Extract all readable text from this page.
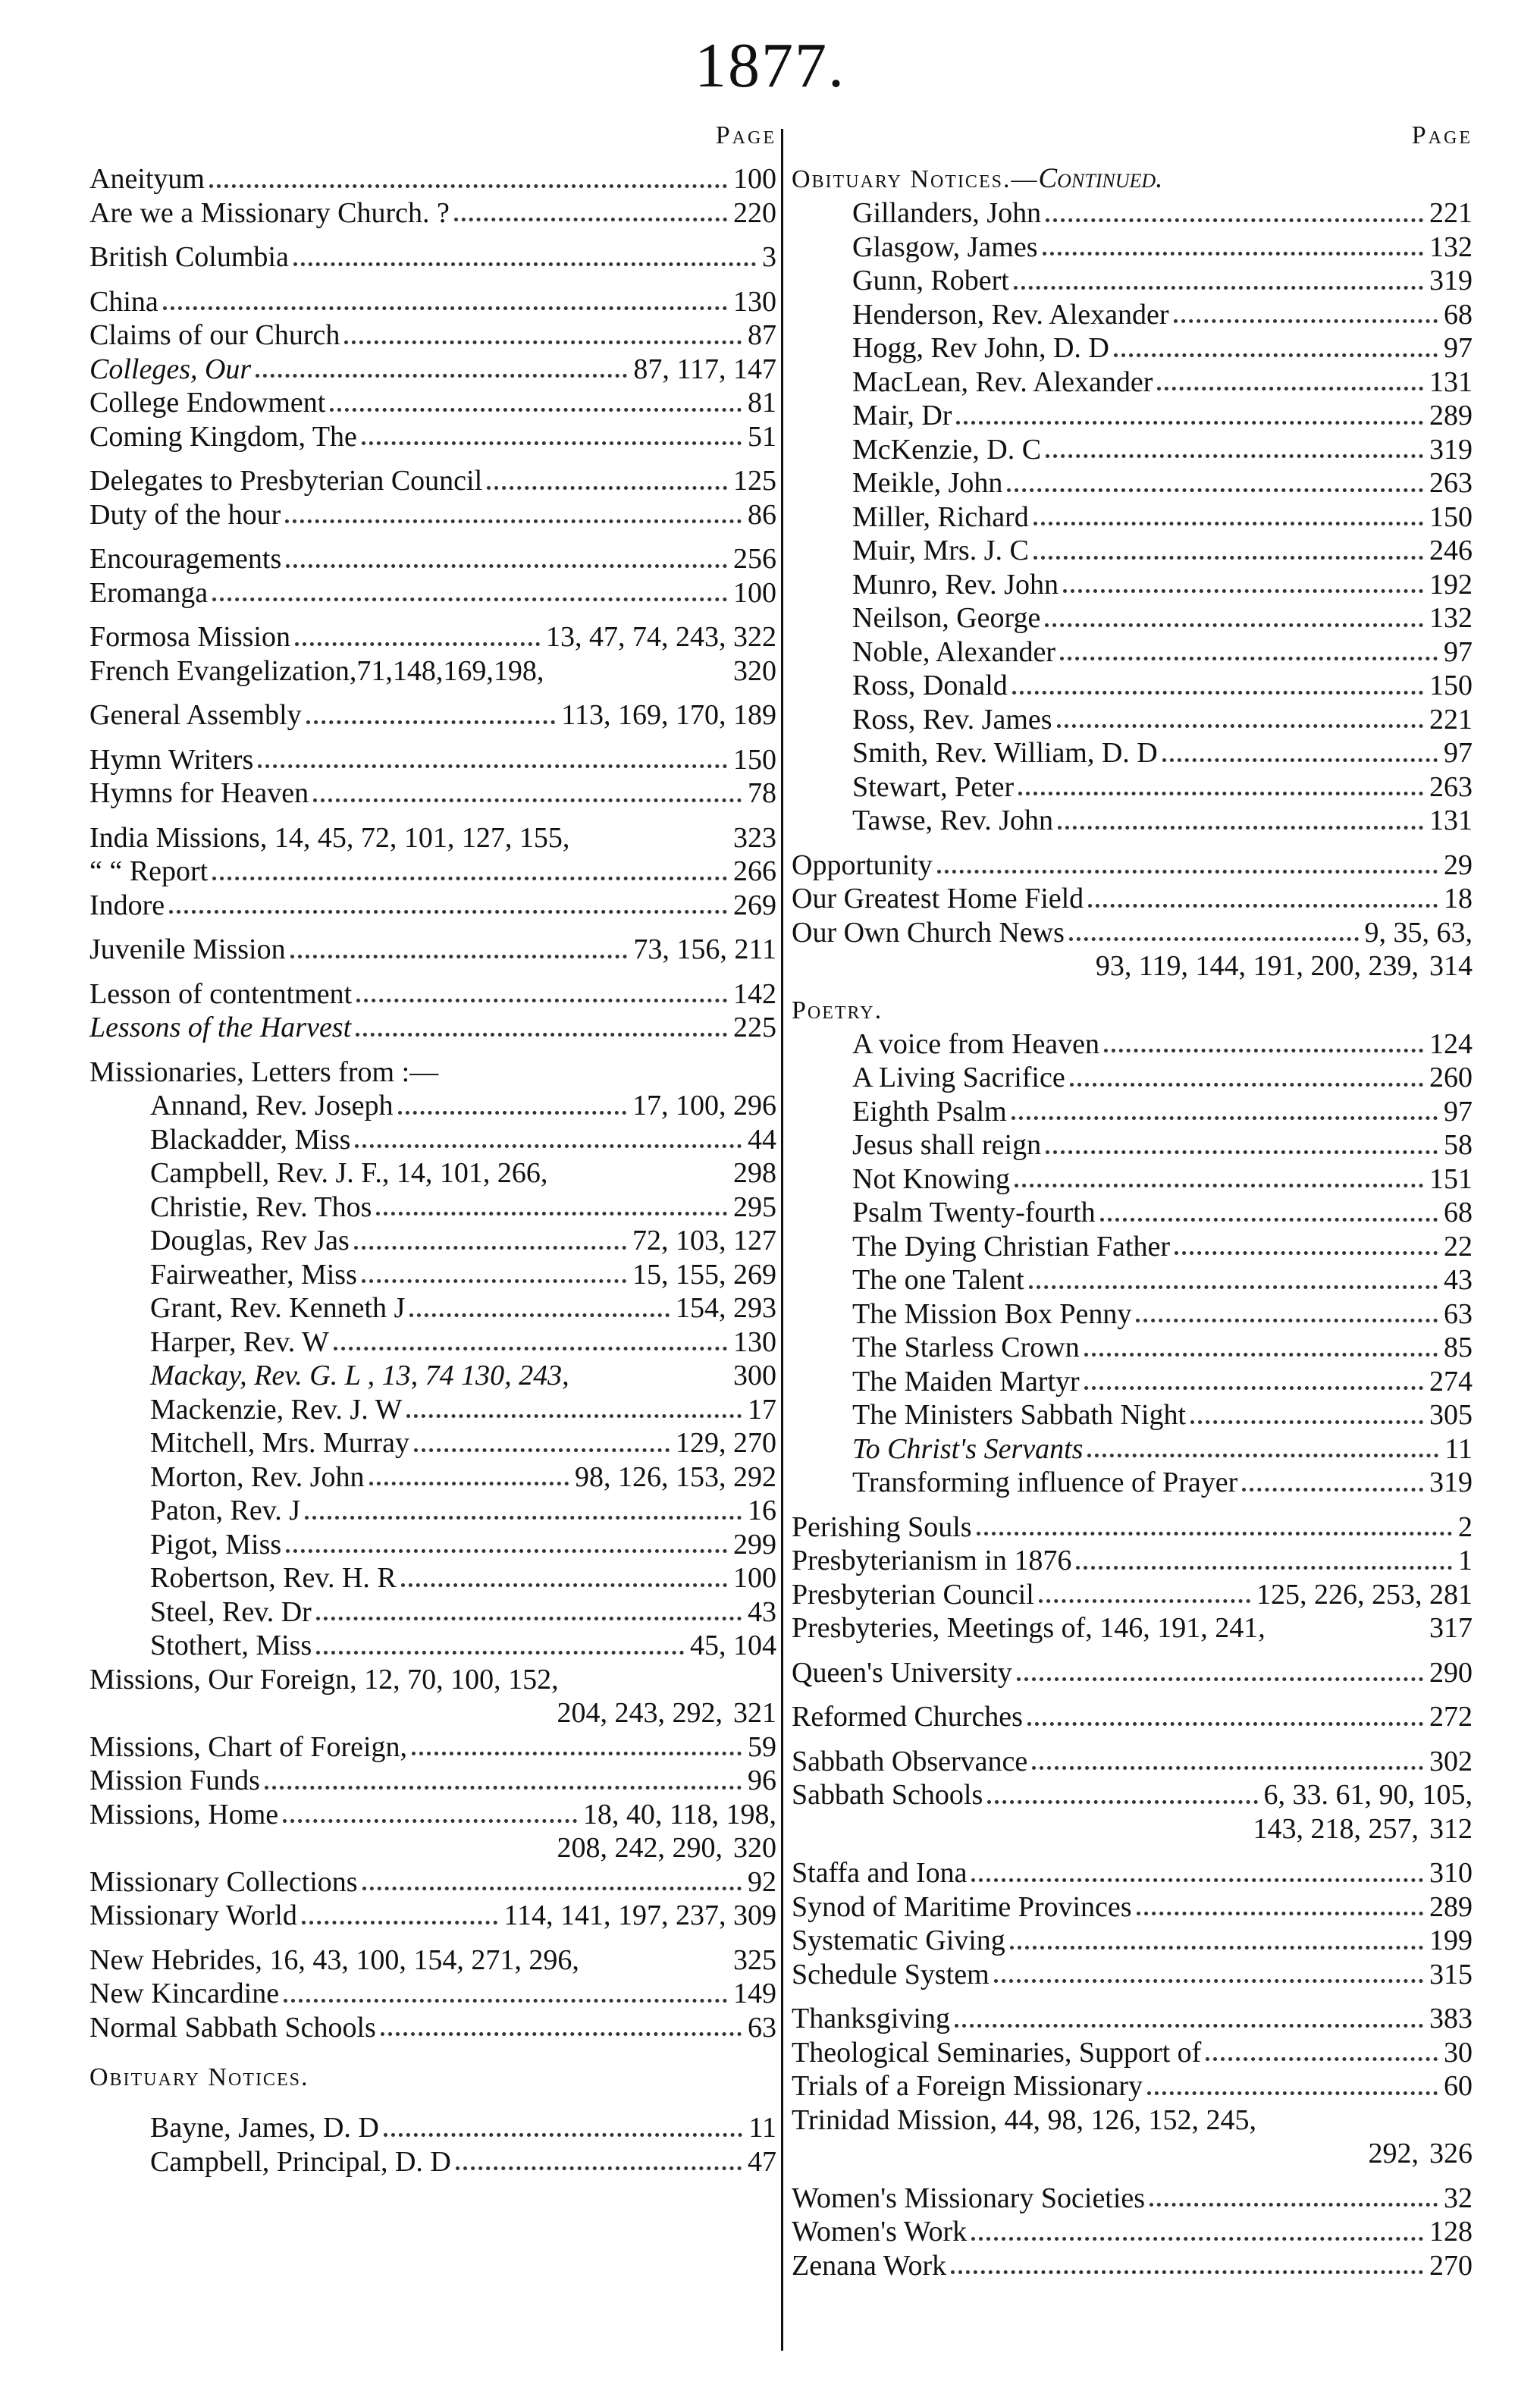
1877.
Page
Aneityum	100
Are we a Missionary Church. ?	220
British Columbia	3
China	130
Claims of our Church	87
Colleges, Our	87, 117, 147
College Endowment	81
Coming Kingdom, The	51
Delegates to Presbyterian Council	125
Duty of the hour	86
Encouragements	256
Eromanga	100
Formosa Mission	13, 47, 74, 243, 322
French Evangelization,71,148,169,198,	320
General Assembly	113, 169, 170, 189
Hymn Writers	150
Hymns for Heaven	78
India Missions, 14, 45, 72, 101, 127, 155,	323
“ “ Report	266
Indore	269
Juvenile Mission	73, 156, 211
Lesson of contentment	142
Lessons of the Harvest	225
Missionaries, Letters from :—
Annand, Rev. Joseph	17, 100, 296
Blackadder, Miss	44
Campbell, Rev. J. F., 14, 101, 266,	298
Christie, Rev. Thos	295
Douglas, Rev Jas	72, 103, 127
Fairweather, Miss	15, 155, 269
Grant, Rev. Kenneth J	154, 293
Harper, Rev. W	130
Mackay, Rev. G. L , 13, 74 130, 243,	300
Mackenzie, Rev. J. W	17
Mitchell, Mrs. Murray	129, 270
Morton, Rev. John	98, 126, 153, 292
Paton, Rev. J	16
Pigot, Miss	299
Robertson, Rev. H. R	100
Steel, Rev. Dr	43
Stothert, Miss	45, 104
Missions, Our Foreign, 12, 70, 100, 152,
204, 243, 292, 321
Missions, Chart of Foreign,	59
Mission Funds	96
Missions, Home	18, 40, 118, 198,
208, 242, 290, 320
Missionary Collections	92
Missionary World	114, 141, 197, 237, 309
New Hebrides, 16, 43, 100, 154, 271, 296,	325
New Kincardine	149
Normal Sabbath Schools	63
Obituary Notices.
Bayne, James, D. D	11
Campbell, Principal, D. D	47
Page
Obituary Notices.—Continued.
Gillanders, John	221
Glasgow, James	132
Gunn, Robert	319
Henderson, Rev. Alexander	68
Hogg, Rev John, D. D	97
MacLean, Rev. Alexander	131
Mair, Dr	289
McKenzie, D. C	319
Meikle, John	263
Miller, Richard	150
Muir, Mrs. J. C	246
Munro, Rev. John	192
Neilson, George	132
Noble, Alexander	97
Ross, Donald	150
Ross, Rev. James	221
Smith, Rev. William, D. D	97
Stewart, Peter	263
Tawse, Rev. John	131
Opportunity	29
Our Greatest Home Field	18
Our Own Church News	9, 35, 63,
93, 119, 144, 191, 200, 239, 314
Poetry.
A voice from Heaven	124
A Living Sacrifice	260
Eighth Psalm	97
Jesus shall reign	58
Not Knowing	151
Psalm Twenty-fourth	68
The Dying Christian Father	22
The one Talent	43
The Mission Box Penny	63
The Starless Crown	85
The Maiden Martyr	274
The Ministers Sabbath Night	305
To Christ's Servants	11
Transforming influence of Prayer	319
Perishing Souls	2
Presbyterianism in 1876	1
Presbyterian Council	125, 226, 253, 281
Presbyteries, Meetings of, 146, 191, 241,	317
Queen's University	290
Reformed Churches	272
Sabbath Observance	302
Sabbath Schools	6, 33. 61, 90, 105,
143, 218, 257, 312
Staffa and Iona	310
Synod of Maritime Provinces	289
Systematic Giving	199
Schedule System	315
Thanksgiving	383
Theological Seminaries, Support of	30
Trials of a Foreign Missionary	60
Trinidad Mission, 44, 98, 126, 152, 245,
292, 326
Women's Missionary Societies	32
Women's Work	128
Zenana Work	270
